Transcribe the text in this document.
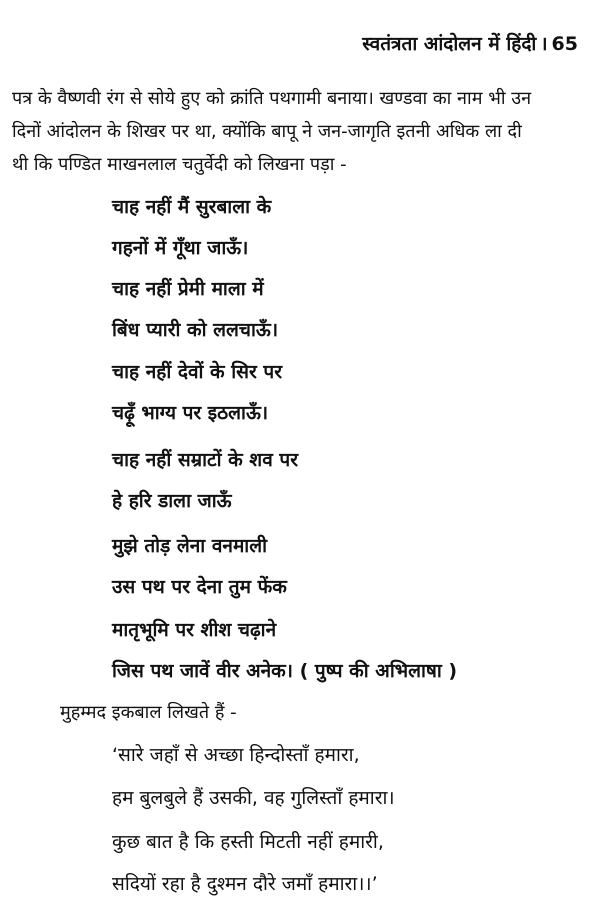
स्वतंत्रता आंदोलन में हिंदी । 65
पत्र के वैष्णवी रंग से सोये हुए को क्रांति पथगामी बनाया। खण्डवा का नाम भी उन
दिनों आंदोलन के शिखर पर था, क्योंकि बापू ने जन-जागृति इतनी अधिक ला दी
थी कि पण्डित माखनलाल चतुर्वेदी को लिखना पड़ा -
चाह नहीं मैं सुरबाला के
गहनों में गूँथा जाऊँ।
चाह नहीं प्रेमी माला में
बिंध प्यारी को ललचाऊँ।
चाह नहीं देवों के सिर पर
चढ़ूँ भाग्य पर इठलाऊँ।
चाह नहीं सम्राटों के शव पर
हे हरि डाला जाऊँ
मुझे तोड़ लेना वनमाली
उस पथ पर देना तुम फेंक
मातृभूमि पर शीश चढ़ाने
जिस पथ जावें वीर अनेक। ( पुष्प की अभिलाषा )
मुहम्मद इकबाल लिखते हैं -
‘सारे जहाँ से अच्छा हिन्दोस्ताँ हमारा,
हम बुलबुले हैं उसकी, वह गुलिस्ताँ हमारा।
कुछ बात है कि हस्ती मिटती नहीं हमारी,
सदियों रहा है दुश्मन दौरे जमाँ हमारा।।’
